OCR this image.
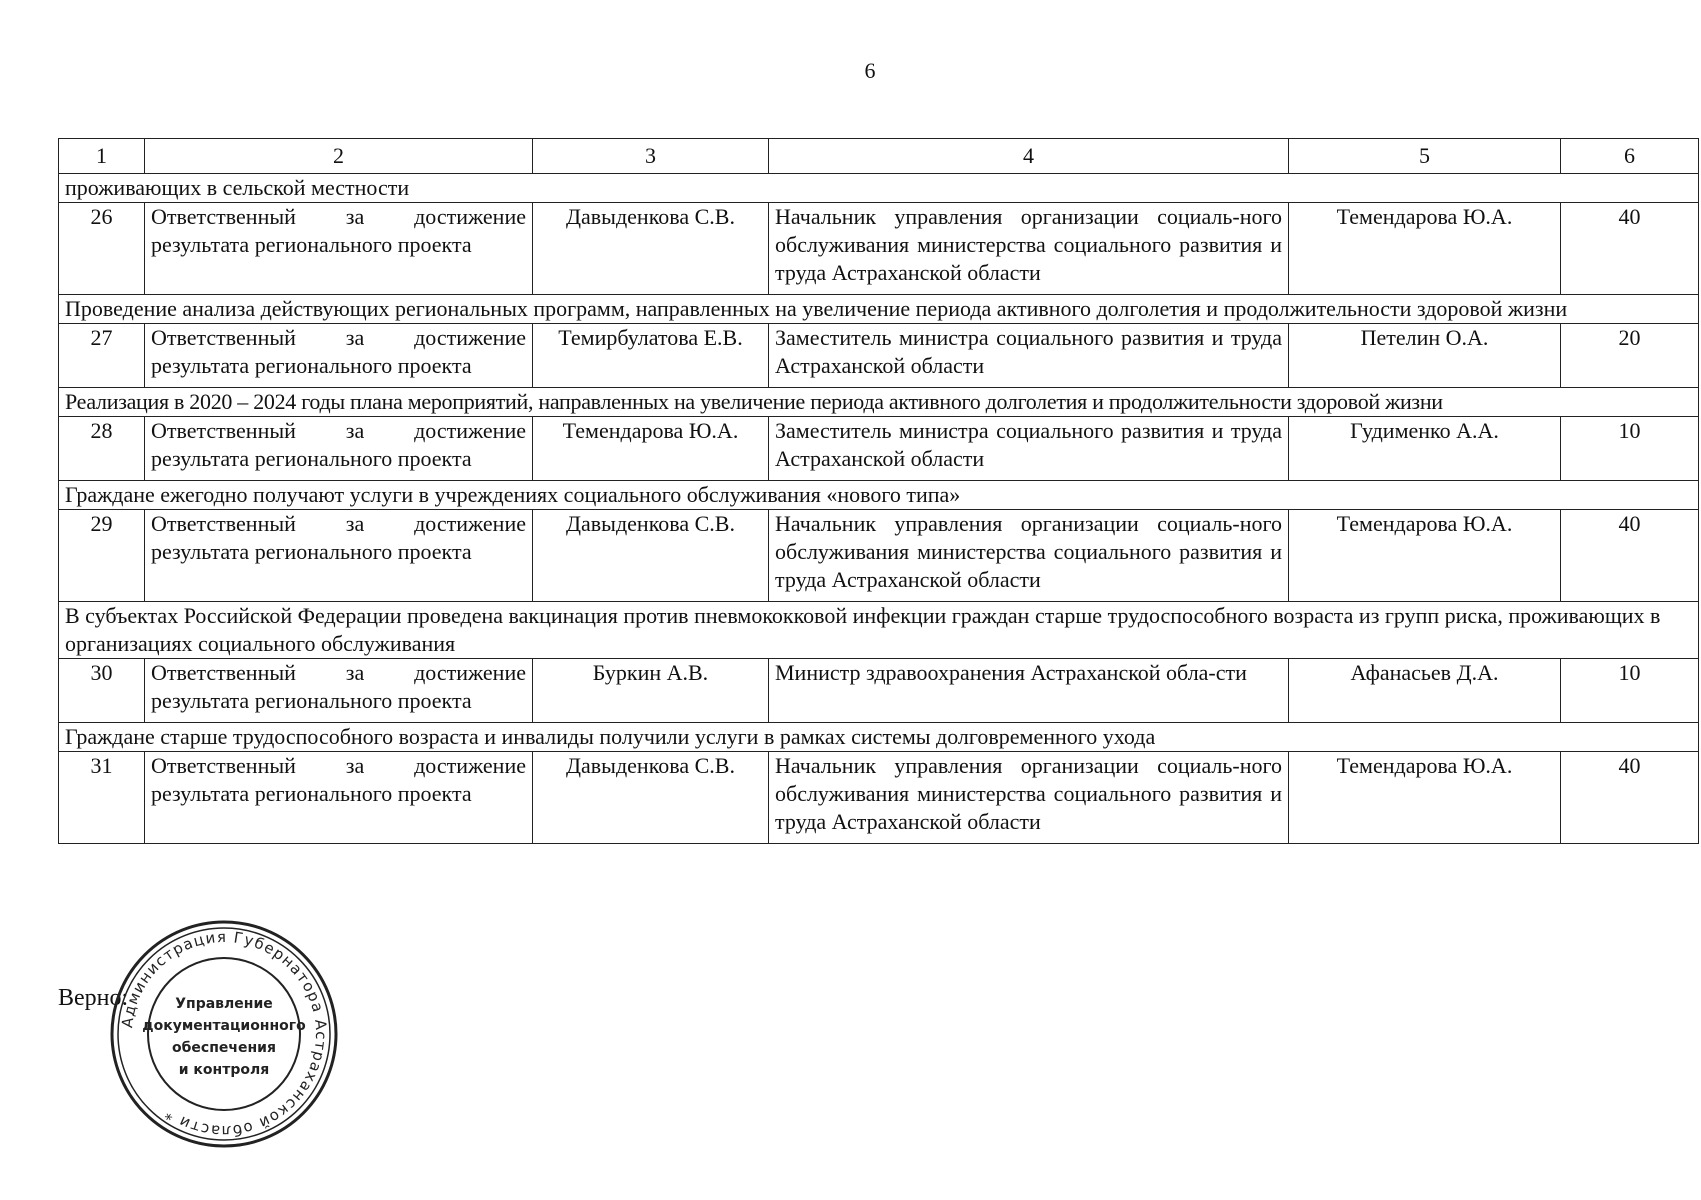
6
1	2	3	4	5	6
проживающих в сельской местности					
26	Ответственный за достижение результата регионального проекта	Давыденкова С.В.	Начальник управления организации социаль-ного обслуживания министерства социального развития и труда Астраханской области	Темендарова Ю.А.	40
Проведение анализа действующих региональных программ, направленных на увеличение периода активного долголетия и продолжительности здоровой жизни					
27	Ответственный за достижение результата регионального проекта	Темирбулатова Е.В.	Заместитель министра социального развития и труда Астраханской области	Петелин О.А.	20
Реализация в 2020 – 2024 годы плана мероприятий, направленных на увеличение периода активного долголетия и продолжительности здоровой жизни					
28	Ответственный за достижение результата регионального проекта	Темендарова Ю.А.	Заместитель министра социального развития и труда Астраханской области	Гудименко А.А.	10
Граждане ежегодно получают услуги в учреждениях социального обслуживания «нового типа»					
29	Ответственный за достижение результата регионального проекта	Давыденкова С.В.	Начальник управления организации социаль-ного обслуживания министерства социального развития и труда Астраханской области	Темендарова Ю.А.	40
В субъектах Российской Федерации проведена вакцинация против пневмококковой инфекции граждан старше трудоспособного возраста из групп риска, проживающих в организациях социального обслуживания					
30	Ответственный за достижение результата регионального проекта	Буркин А.В.	Министр здравоохранения Астраханской обла-сти	Афанасьев Д.А.	10
Граждане старше трудоспособного возраста и инвалиды получили услуги в рамках системы долговременного ухода					
31	Ответственный за достижение результата регионального проекта	Давыденкова С.В.	Начальник управления организации социаль-ного обслуживания министерства социального развития и труда Астраханской области	Темендарова Ю.А.	40
Верно:
Администрация Губернатора Астраханской области *
Управление
документационного
обеспечения
и контроля
